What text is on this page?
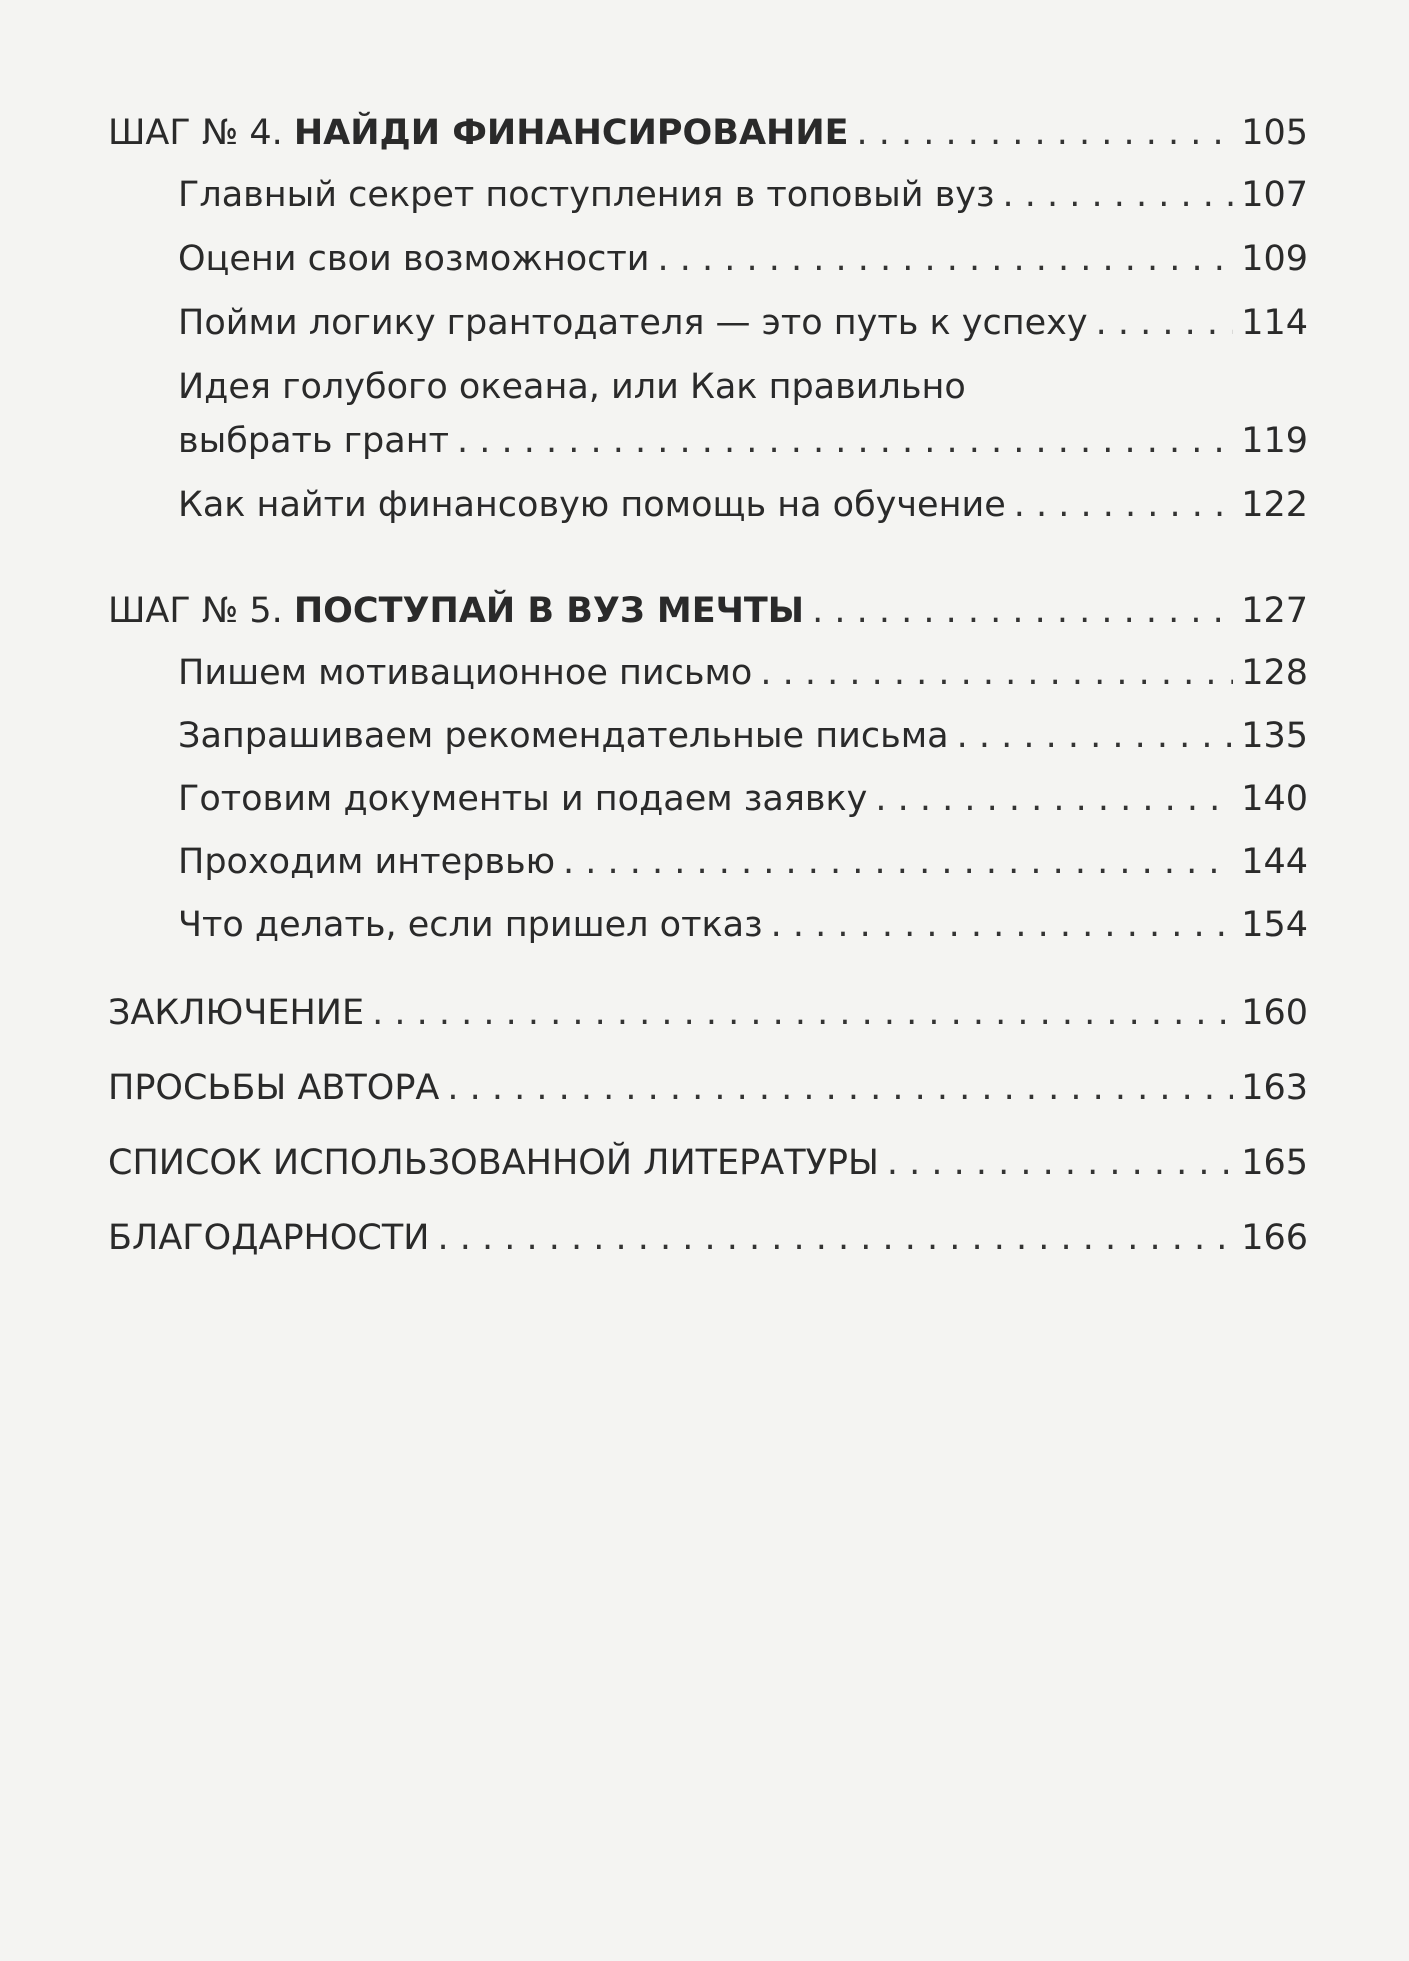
ШАГ № 4. НАЙДИ ФИНАНСИРОВАНИЕ . . .	105
Главный секрет поступления в топовый вуз . . .	107
Оцени свои возможности . . .	109
Пойми логику грантодателя — это путь к успеху . . .	114
Идея голубого океана, или Как правильно
выбрать грант . . .	119
Как найти финансовую помощь на обучение . . .	122
ШАГ № 5. ПОСТУПАЙ В ВУЗ МЕЧТЫ . . .	127
Пишем мотивационное письмо . . .	128
Запрашиваем рекомендательные письма . . .	135
Готовим документы и подаем заявку . . .	140
Проходим интервью . . .	144
Что делать, если пришел отказ . . .	154
ЗАКЛЮЧЕНИЕ . . .	160
ПРОСЬБЫ АВТОРА . . .	163
СПИСОК ИСПОЛЬЗОВАННОЙ ЛИТЕРАТУРЫ . . .	165
БЛАГОДАРНОСТИ . . .	166
